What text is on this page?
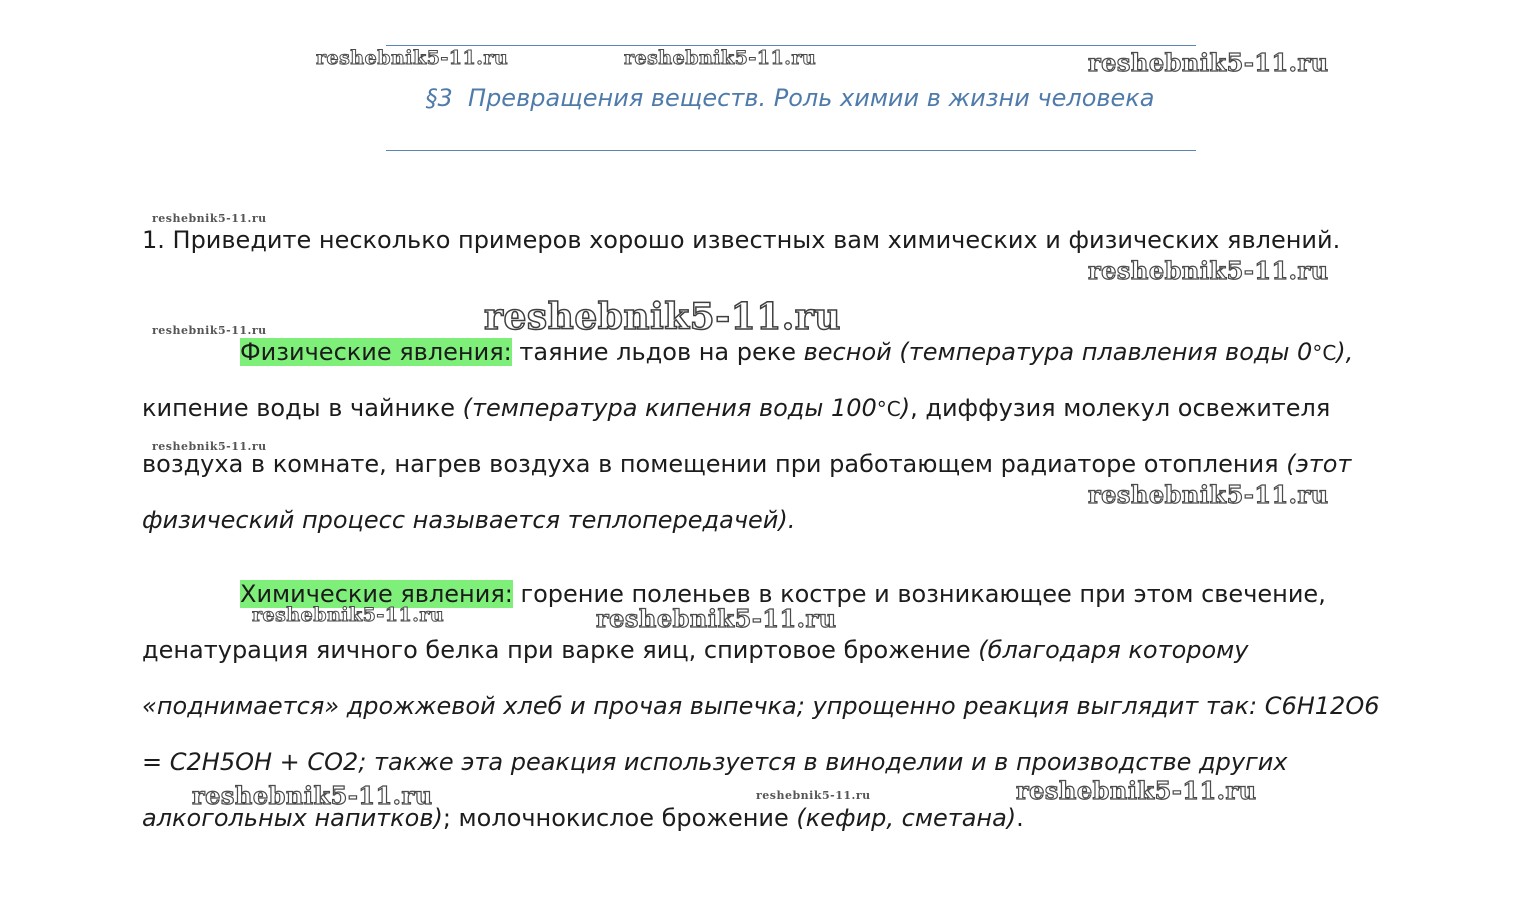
§3  Превращения веществ. Роль химии в жизни человека
1. Приведите несколько примеров хорошо известных вам химических и физических явлений.
Физические явления: таяние льдов на реке весной (температура плавления воды 0°C),
кипение воды в чайнике (температура кипения воды 100°C), диффузия молекул освежителя
воздуха в комнате, нагрев воздуха в помещении при работающем радиаторе отопления (этот
физический процесс называется теплопередачей).
Химические явления: горение поленьев в костре и возникающее при этом свечение,
денатурация яичного белка при варке яиц, спиртовое брожение (благодаря которому
«поднимается» дрожжевой хлеб и прочая выпечка; упрощенно реакция выглядит так: C6H12O6
= C2H5OH + CO2; также эта реакция используется в виноделии и в производстве других
алкогольных напитков); молочнокислое брожение (кефир, сметана).
reshebnik5-11.ru	reshebnik5-11.ru	reshebnik5-11.ru
reshebnik5-11.ru
reshebnik5-11.ru
reshebnik5-11.ru
reshebnik5-11.ru
reshebnik5-11.ru
reshebnik5-11.ru
reshebnik5-11.ru	reshebnik5-11.ru
reshebnik5-11.ru	reshebnik5-11.ru	reshebnik5-11.ru
